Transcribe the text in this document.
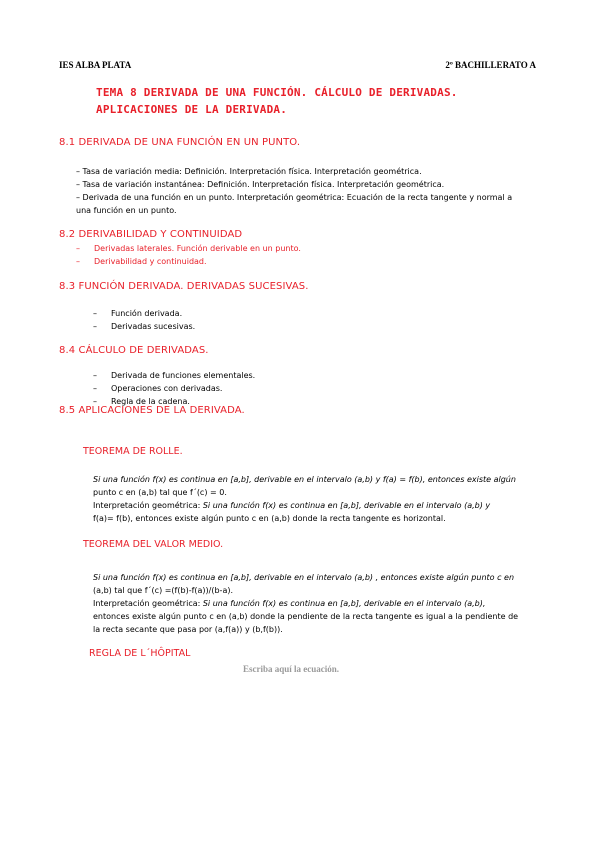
IES ALBA PLATA	2º BACHILLERATO A
TEMA 8 DERIVADA DE UNA FUNCIÓN. CÁLCULO DE DERIVADAS.
APLICACIONES DE LA DERIVADA.
8.1 DERIVADA DE UNA FUNCIÓN EN UN PUNTO.
– Tasa de variación media: Definición. Interpretación física. Interpretación geométrica.
– Tasa de variación instantánea: Definición. Interpretación física. Interpretación geométrica.
– Derivada de una función en un punto. Interpretación geométrica: Ecuación de la recta tangente y normal a
una función en un punto.
8.2 DERIVABILIDAD Y CONTINUIDAD
– Derivadas laterales. Función derivable en un punto.
– Derivabilidad y continuidad.
8.3 FUNCIÓN DERIVADA. DERIVADAS SUCESIVAS.
– Función derivada.
– Derivadas sucesivas.
8.4 CÁLCULO DE DERIVADAS.
– Derivada de funciones elementales.
– Operaciones con derivadas.
– Regla de la cadena.
8.5 APLICACIONES DE LA DERIVADA.
TEOREMA DE ROLLE.
Si una función f(x) es continua en [a,b], derivable en el intervalo (a,b) y f(a) = f(b), entonces existe algún
punto c en (a,b) tal que f´(c) = 0.
Interpretación geométrica: Si una función f(x) es continua en [a,b], derivable en el intervalo (a,b) y
f(a)= f(b), entonces existe algún punto c en (a,b) donde la recta tangente es horizontal.
TEOREMA DEL VALOR MEDIO.
Si una función f(x) es continua en [a,b], derivable en el intervalo (a,b) , entonces existe algún punto c en
(a,b) tal que f´(c) =(f(b)-f(a))/(b-a).
Interpretación geométrica: Si una función f(x) es continua en [a,b], derivable en el intervalo (a,b),
entonces existe algún punto c en (a,b) donde la pendiente de la recta tangente es igual a la pendiente de
la recta secante que pasa por (a,f(a)) y (b,f(b)).
REGLA DE L´HÔPITAL
Escriba aquí la ecuación.
